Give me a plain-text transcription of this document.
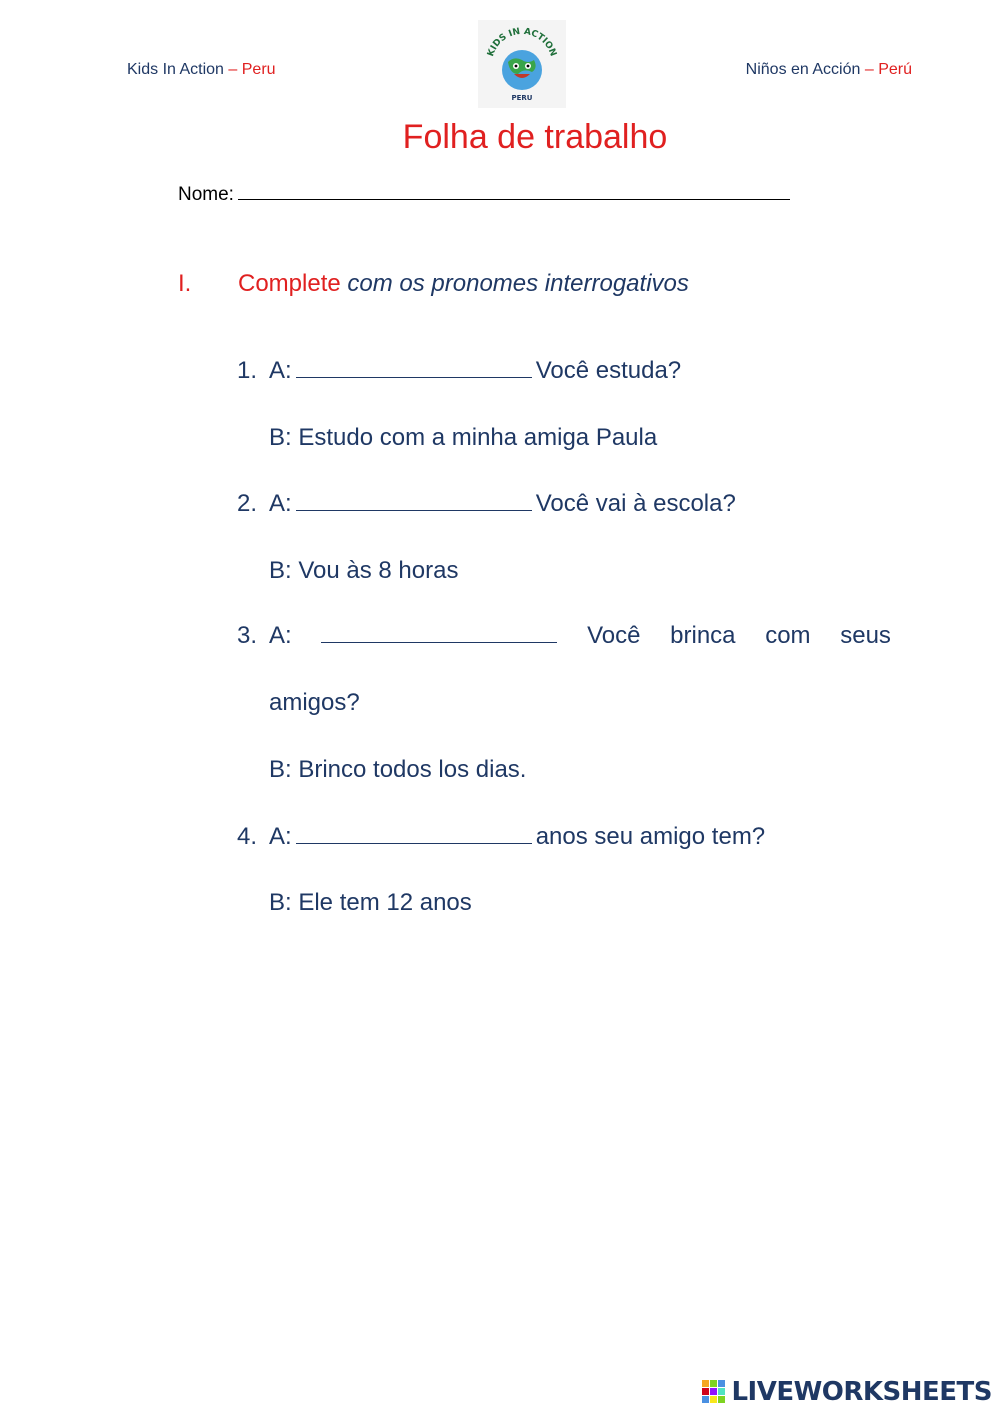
Kids In Action – Peru
KIDS IN ACTION
PERU
Niños en Acción – Perú
Folha de trabalho
Nome:
I. Complete com os pronomes interrogativos
1. A:	Você estuda?
B: Estudo com a minha amiga Paula
2. A:	Você vai à escola?
B: Vou às 8 horas
3. A:	Você brinca com seus
amigos?
B: Brinco todos los dias.
4. A:	anos seu amigo tem?
B: Ele tem 12 anos
LIVEWORKSHEETS
